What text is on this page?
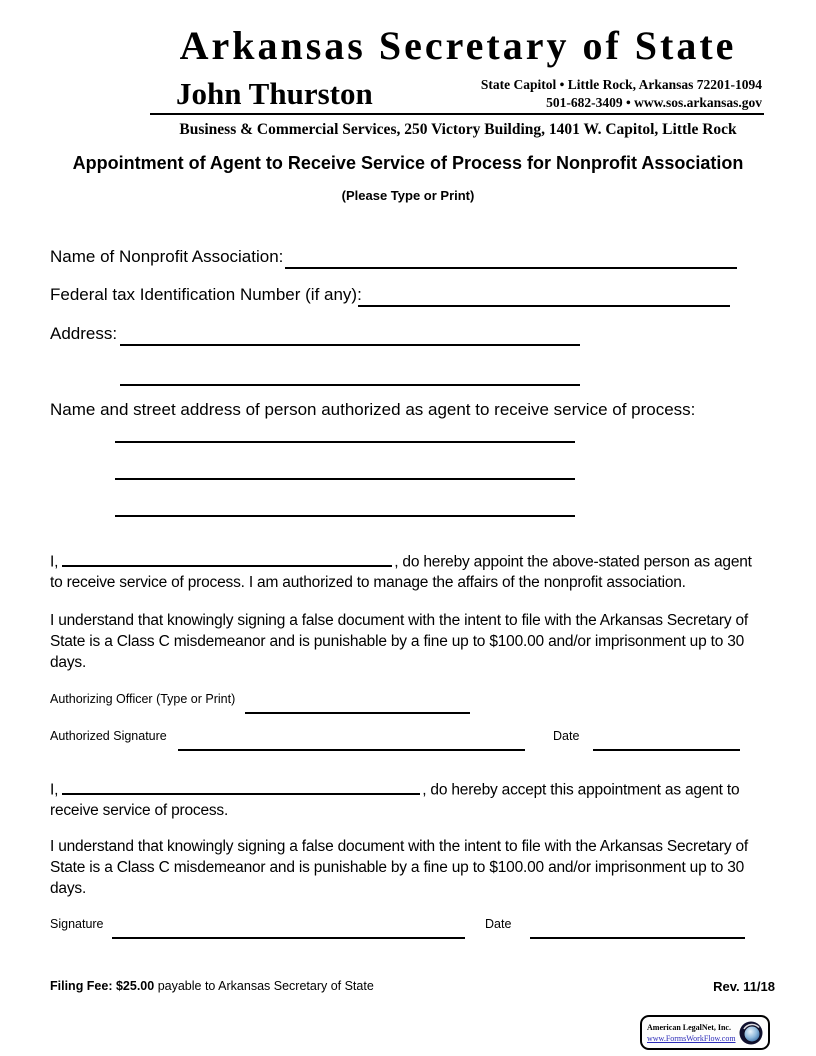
Arkansas Secretary of State
John Thurston	State Capitol • Little Rock, Arkansas 72201-1094
501-682-3409 • www.sos.arkansas.gov
Business & Commercial Services, 250 Victory Building, 1401 W. Capitol, Little Rock
Appointment of Agent to Receive Service of Process for Nonprofit Association
(Please Type or Print)
Name of Nonprofit Association:
Federal tax Identification Number (if any):
Address:
Name and street address of person authorized as agent to receive service of process:
I,	, do hereby appoint the above-stated person as agent to receive service of process. I am authorized to manage the affairs of the nonprofit association.
I understand that knowingly signing a false document with the intent to file with the Arkansas Secretary of State is a Class C misdemeanor and is punishable by a fine up to $100.00 and/or imprisonment up to 30 days.
Authorizing Officer (Type or Print)
Authorized Signature	Date
I,	, do hereby accept this appointment as agent to receive service of process.
I understand that knowingly signing a false document with the intent to file with the Arkansas Secretary of State is a Class C misdemeanor and is punishable by a fine up to $100.00 and/or imprisonment up to 30 days.
Signature	Date
Filing Fee: $25.00 payable to Arkansas Secretary of State	Rev. 11/18
American LegalNet, Inc.
www.FormsWorkFlow.com
